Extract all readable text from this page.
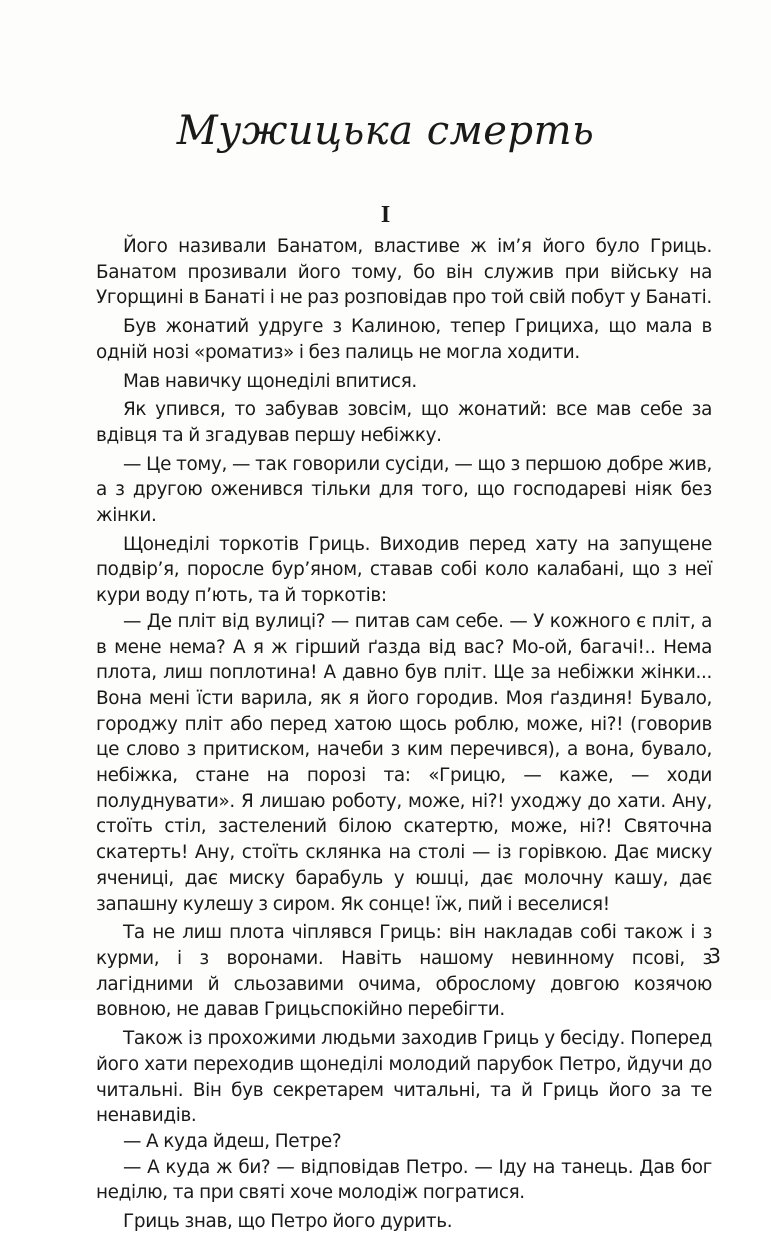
Мужицька смерть
I

Його називали Банатом, властиве ж ім’я його було Гриць. Банатом прозивали його тому, бо він служив при війську на Угорщині в Банаті і не раз розповідав про той свій побут у Банаті.

Був жонатий удруге з Калиною, тепер Грициха, що мала в одній нозі «роматиз» і без палиць не могла ходити.

Мав навичку щонеділі впитися.

Як упився, то забував зовсім, що жонатий: все мав себе за вдівця та й згадував першу небіжку.

— Це тому, — так говорили сусіди, — що з першою добре жив, а з другою оженився тільки для того, що господареві ніяк без жінки.

Щонеділі торкотів Гриць. Виходив перед хату на запущене подвір’я, поросле бур’яном, ставав собі коло калабані, що з неї кури воду п’ють, та й торкотів:

— Де пліт від вулиці? — питав сам себе. — У кожного є пліт, а в мене нема? А я ж гірший ґазда від вас? Мо-ой, багачі!.. Нема плота, лиш поплотина! А давно був пліт. Ще за небіжки жінки... Вона мені їсти варила, як я його городив. Моя ґаздиня! Бувало, городжу пліт або перед хатою щось роблю, може, ні?! (говорив це слово з притиском, начеби з ким перечився), а вона, бувало, небіжка, стане на порозі та: «Грицю, — каже, — ходи полуднувати». Я лишаю роботу, може, ні?! уходжу до хати. Ану, стоїть стіл, застелений білою скатертю, може, ні?! Святочна скатерть! Ану, стоїть склянка на столі — із горівкою. Дає миску ячениці, дає миску барабуль у юшці, дає молочну кашу, дає запашну кулешу з сиром. Як сонце! їж, пий і веселися!

Та не лиш плота чіплявся Гриць: він накладав собі також і з курми, і з воронами. Навіть нашому невинному псові, з лагідними й сльозавими очима, оброслому довгою козячою вовною, не давав Грицьспокійно перебігти.

Також із прохожими людьми заходив Гриць у бесіду. Поперед його хати переходив щонеділі молодий парубок Петро, йдучи до читальні. Він був секретарем читальні, та й Гриць його за те ненавидів.

— А куда йдеш, Петре?

— А куда ж би? — відповідав Петро. — Іду на танець. Дав бог неділю, та при святі хоче молодіж погратися.

Гриць знав, що Петро його дурить.

3
